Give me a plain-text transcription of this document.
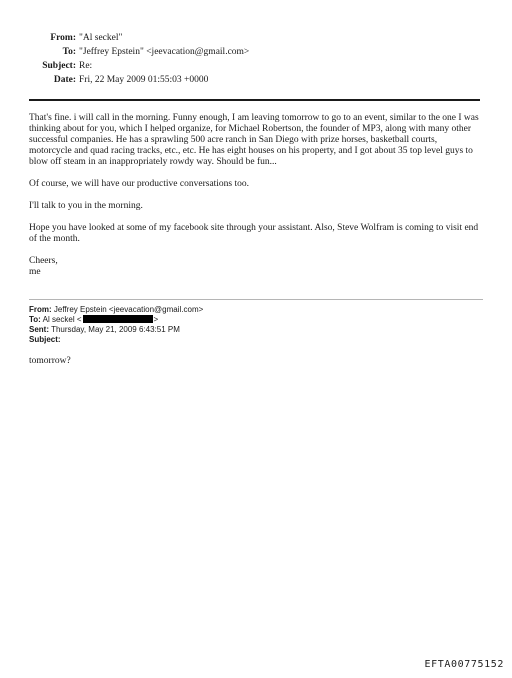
From: "Al seckel"
To: "Jeffrey Epstein" <jeevacation@gmail.com>
Subject: Re:
Date: Fri, 22 May 2009 01:55:03 +0000

That's fine. i will call in the morning. Funny enough, I am leaving tomorrow to go to an event, similar to the one I was thinking about for you, which I helped organize, for Michael Robertson, the founder of MP3, along with many other successful companies. He has a sprawling 500 acre ranch in San Diego with prize horses, basketball courts, motorcycle and quad racing tracks, etc., etc. He has eight houses on his property, and I got about 35 top level guys to blow off steam in an inappropriately rowdy way. Should be fun...

Of course, we will have our productive conversations too.

I'll talk to you in the morning.

Hope you have looked at some of my facebook site through your assistant. Also, Steve Wolfram is coming to visit end of the month.

Cheers,
me
From: Jeffrey Epstein <jeevacation@gmail.com>
To: Al seckel <	>
Sent: Thursday, May 21, 2009 6:43:51 PM
Subject:
tomorrow?
EFTA00775152
